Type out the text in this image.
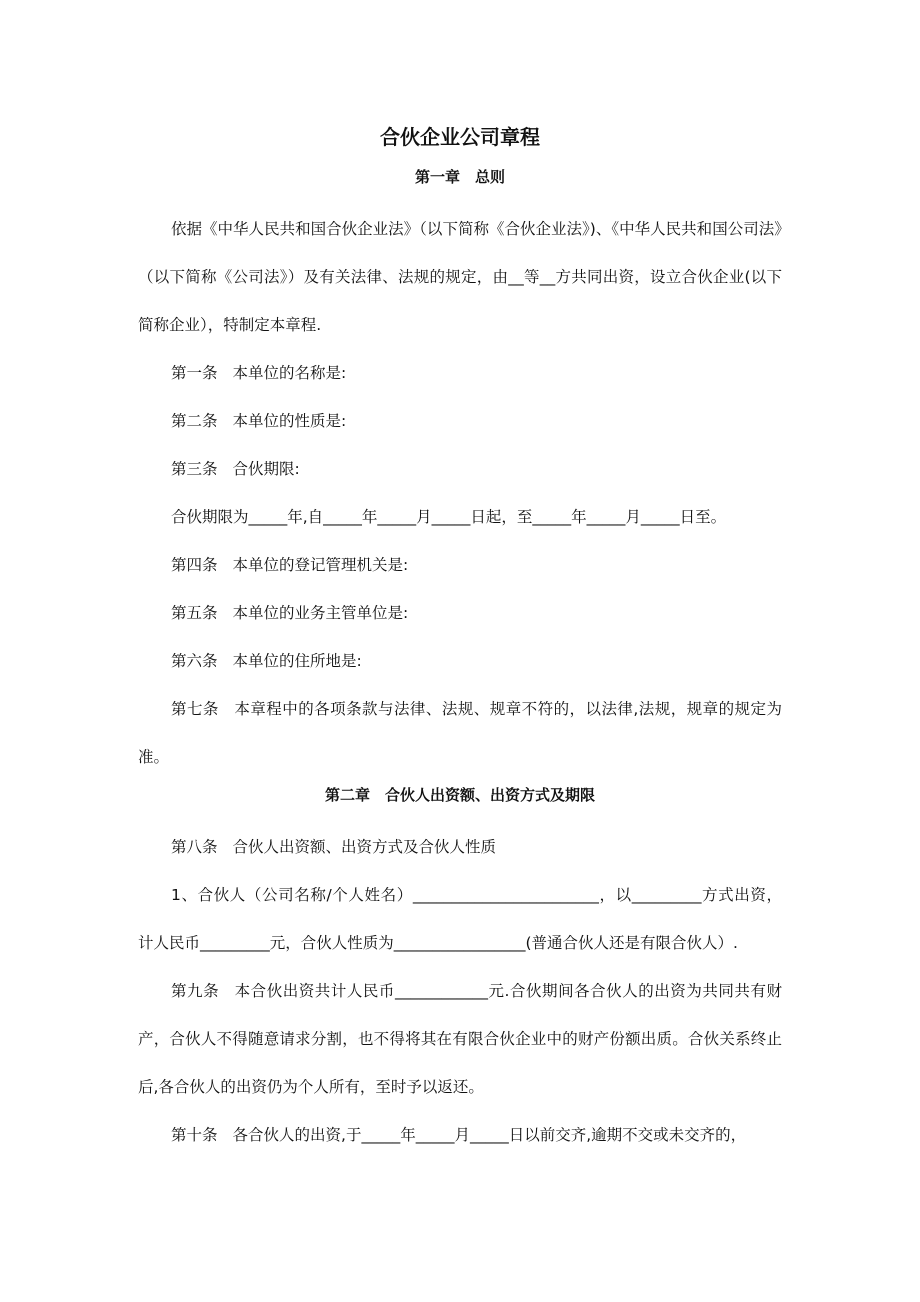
合伙企业公司章程
第一章　总则

依据《中华人民共和国合伙企业法》（以下简称《合伙企业法》)、《中华人民共和国公司法》（以下简称《公司法》）及有关法律、法规的规定，由__等__方共同出资，设立合伙企业(以下简称企业），特制定本章程.

第一条 本单位的名称是:

第二条 本单位的性质是:

第三条 合伙期限:

合伙期限为_____年,自_____年_____月_____日起，至_____年_____月_____日至。

第四条 本单位的登记管理机关是:

第五条 本单位的业务主管单位是:

第六条 本单位的住所地是:

第七条 本章程中的各项条款与法律、法规、规章不符的，以法律,法规，规章的规定为准。

第二章　合伙人出资额、出资方式及期限

第八条 合伙人出资额、出资方式及合伙人性质

1、合伙人（公司名称/个人姓名）________________________，以_________方式出资，计人民币_________元，合伙人性质为_________________(普通合伙人还是有限合伙人）.

第九条 本合伙出资共计人民币____________元.合伙期间各合伙人的出资为共同共有财产，合伙人不得随意请求分割，也不得将其在有限合伙企业中的财产份额出质。合伙关系终止后,各合伙人的出资仍为个人所有，至时予以返还。

第十条 各合伙人的出资,于_____年_____月_____日以前交齐,逾期不交或未交齐的，
